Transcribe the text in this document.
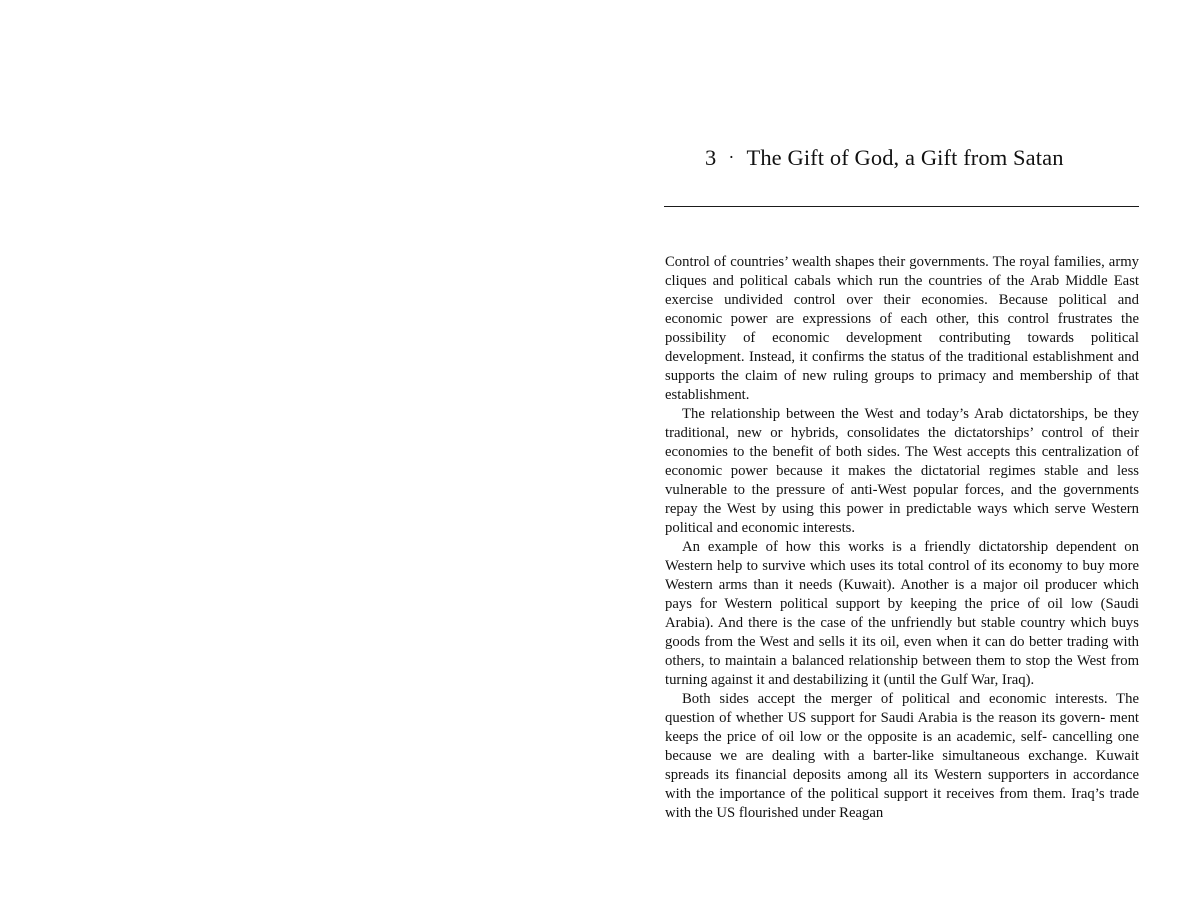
3 · The Gift of God, a Gift from Satan

Control of countries’ wealth shapes their governments. The royal families, army cliques and political cabals which run the countries of the Arab Middle East exercise undivided control over their economies. Because political and economic power are expressions of each other, this control frustrates the possibility of economic development contributing towards political development. Instead, it confirms the status of the traditional establishment and supports the claim of new ruling groups to primacy and membership of that establishment.

The relationship between the West and today’s Arab dictatorships, be they traditional, new or hybrids, consolidates the dictatorships’ control of their economies to the benefit of both sides. The West accepts this centralization of economic power because it makes the dictatorial regimes stable and less vulnerable to the pressure of anti-West popular forces, and the governments repay the West by using this power in predictable ways which serve Western political and economic interests.

An example of how this works is a friendly dictatorship dependent on Western help to survive which uses its total control of its economy to buy more Western arms than it needs (Kuwait). Another is a major oil producer which pays for Western political support by keeping the price of oil low (Saudi Arabia). And there is the case of the unfriendly but stable country which buys goods from the West and sells it its oil, even when it can do better trading with others, to maintain a balanced relationship between them to stop the West from turning against it and destabilizing it (until the Gulf War, Iraq).

Both sides accept the merger of political and economic interests. The question of whether US support for Saudi Arabia is the reason its govern- ment keeps the price of oil low or the opposite is an academic, self- cancelling one because we are dealing with a barter-like simultaneous exchange. Kuwait spreads its financial deposits among all its Western supporters in accordance with the importance of the political support it receives from them. Iraq’s trade with the US flourished under Reagan
